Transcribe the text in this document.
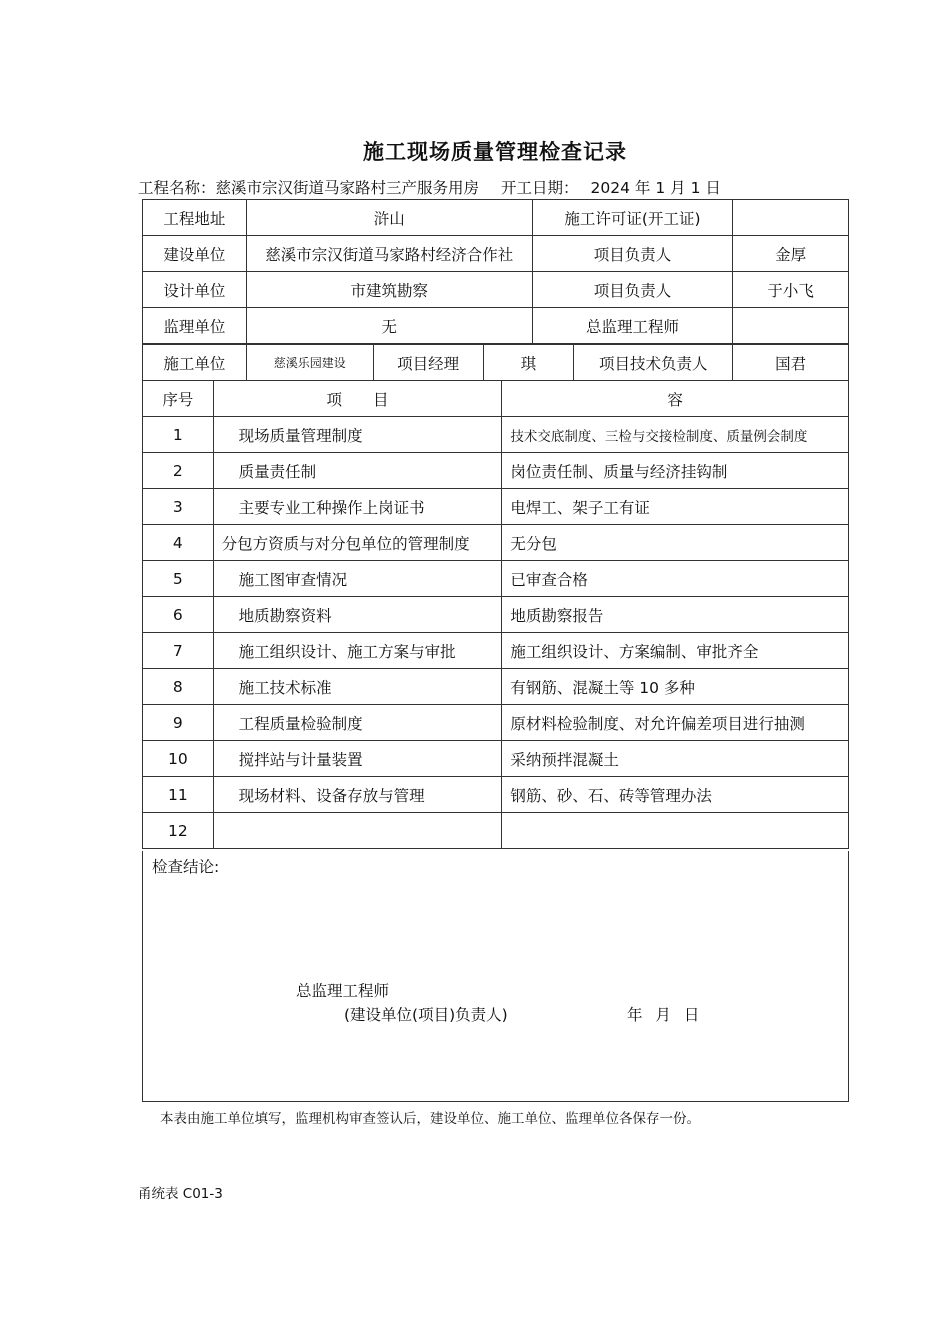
施工现场质量管理检查记录
工程名称：慈溪市宗汉街道马家路村三产服务用房 开工日期： 2024 年 1 月 1 日
工程地址	浒山	施工许可证(开工证)	
建设单位	慈溪市宗汉街道马家路村经济合作社	项目负责人	金厚
设计单位	市建筑勘察	项目负责人	于小飞
监理单位	无	总监理工程师	
施工单位	慈溪乐园建设	项目经理	琪	项目技术负责人	国君
序号	项　　目	容
1	现场质量管理制度	技术交底制度、三检与交接检制度、质量例会制度
2	质量责任制	岗位责任制、质量与经济挂钩制
3	主要专业工种操作上岗证书	电焊工、架子工有证
4	分包方资质与对分包单位的管理制度	无分包
5	施工图审查情况	已审查合格
6	地质勘察资料	地质勘察报告
7	施工组织设计、施工方案与审批	施工组织设计、方案编制、审批齐全
8	施工技术标准	有钢筋、混凝土等 10 多种
9	工程质量检验制度	原材料检验制度、对允许偏差项目进行抽测
10	搅拌站与计量装置	采纳预拌混凝土
11	现场材料、设备存放与管理	钢筋、砂、石、砖等管理办法
12		
检查结论:
总监理工程师
(建设单位(项目)负责人)	年 月 日
本表由施工单位填写，监理机构审查签认后，建设单位、施工单位、监理单位各保存一份。
甬统表 C01-3
